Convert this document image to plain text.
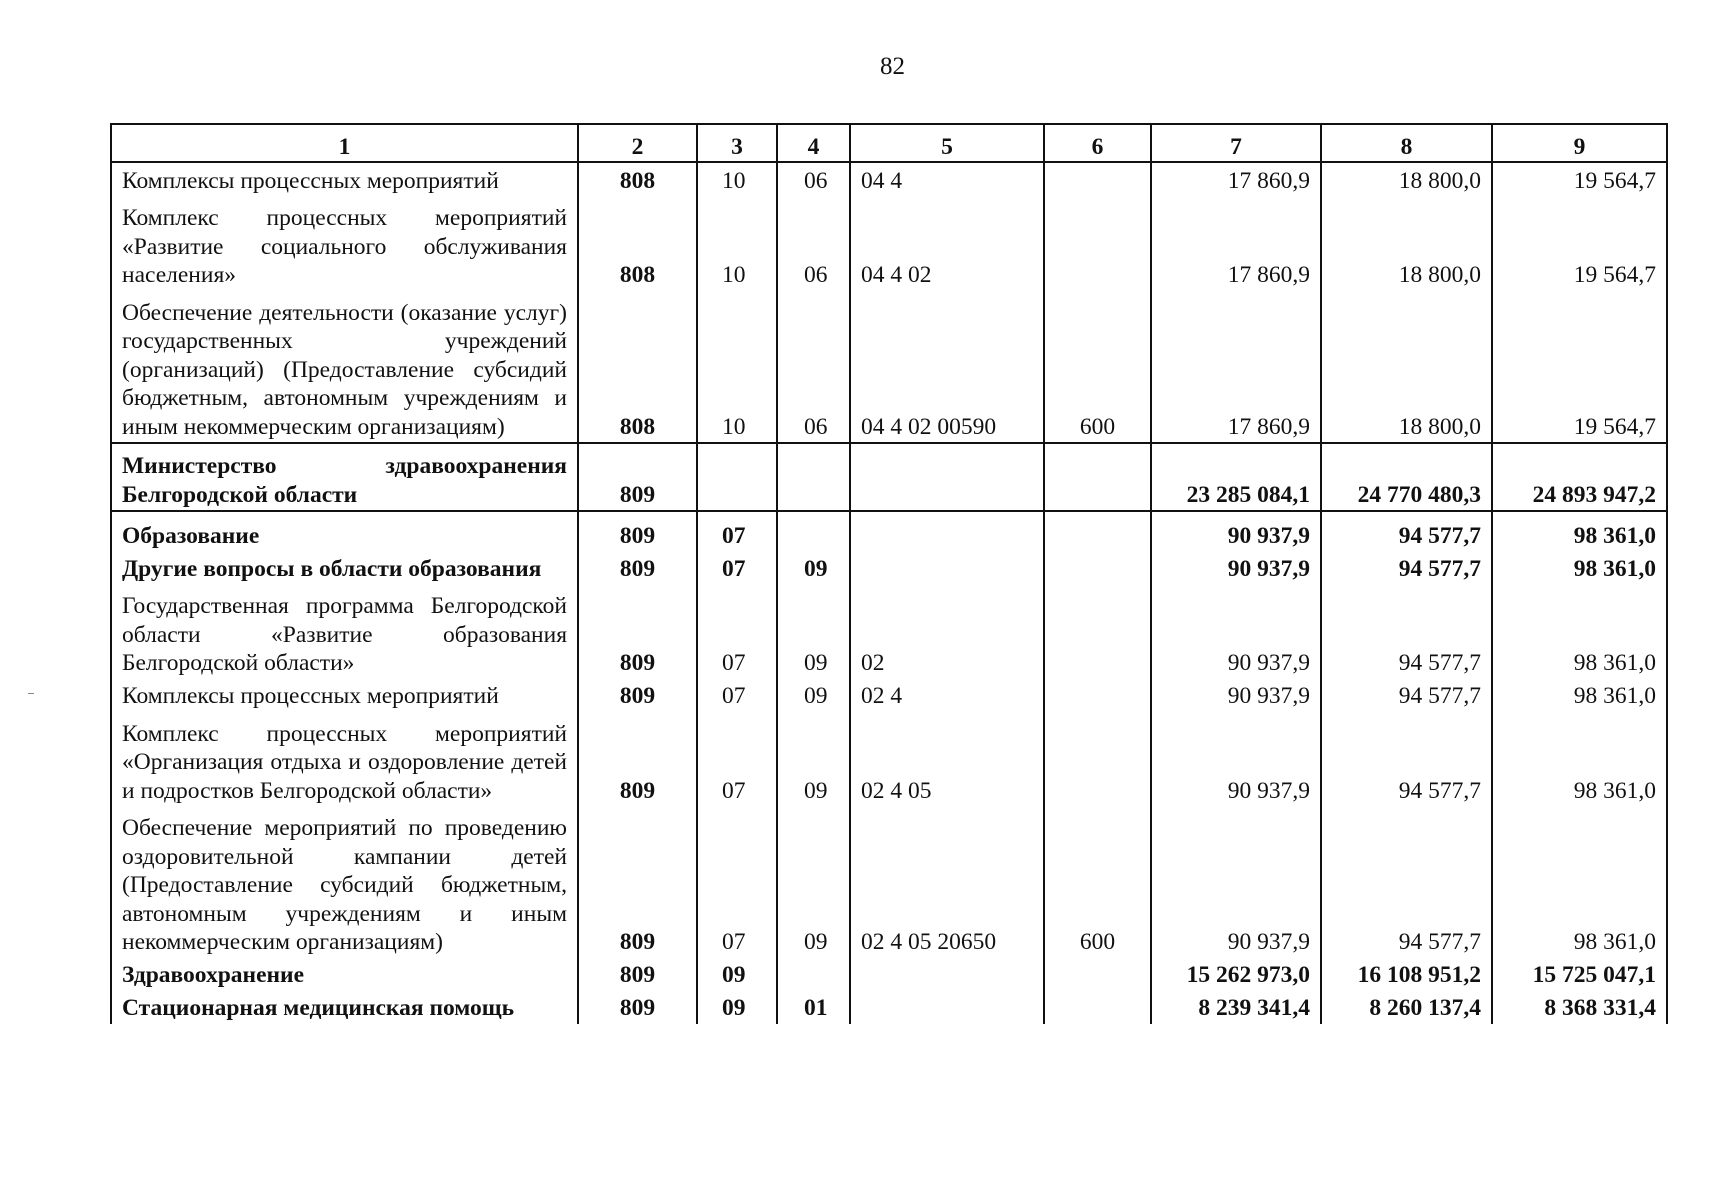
82
1	2	3	4	5	6	7	8	9
Комплексы процессных мероприятий	808	10	06	04 4		17 860,9	18 800,0	19 564,7
Комплекс процессных мероприятий «Развитие социального обслуживания населения»	808	10	06	04 4 02		17 860,9	18 800,0	19 564,7
Обеспечение деятельности (оказание услуг) государственных учреждений (организаций) (Предоставление субсидий бюджетным, автономным учреждениям и иным некоммерческим организациям)	808	10	06	04 4 02 00590	600	17 860,9	18 800,0	19 564,7
Министерство здравоохранения Белгородской области	809					23 285 084,1	24 770 480,3	24 893 947,2
Образование	809	07				90 937,9	94 577,7	98 361,0
Другие вопросы в области образования	809	07	09			90 937,9	94 577,7	98 361,0
Государственная программа Белгородской области «Развитие образования Белгородской области»	809	07	09	02		90 937,9	94 577,7	98 361,0
Комплексы процессных мероприятий	809	07	09	02 4		90 937,9	94 577,7	98 361,0
Комплекс процессных мероприятий «Организация отдыха и оздоровление детей и подростков Белгородской области»	809	07	09	02 4 05		90 937,9	94 577,7	98 361,0
Обеспечение мероприятий по проведению оздоровительной кампании детей (Предоставление субсидий бюджетным, автономным учреждениям и иным некоммерческим организациям)	809	07	09	02 4 05 20650	600	90 937,9	94 577,7	98 361,0
Здравоохранение	809	09				15 262 973,0	16 108 951,2	15 725 047,1
Стационарная медицинская помощь	809	09	01			8 239 341,4	8 260 137,4	8 368 331,4
